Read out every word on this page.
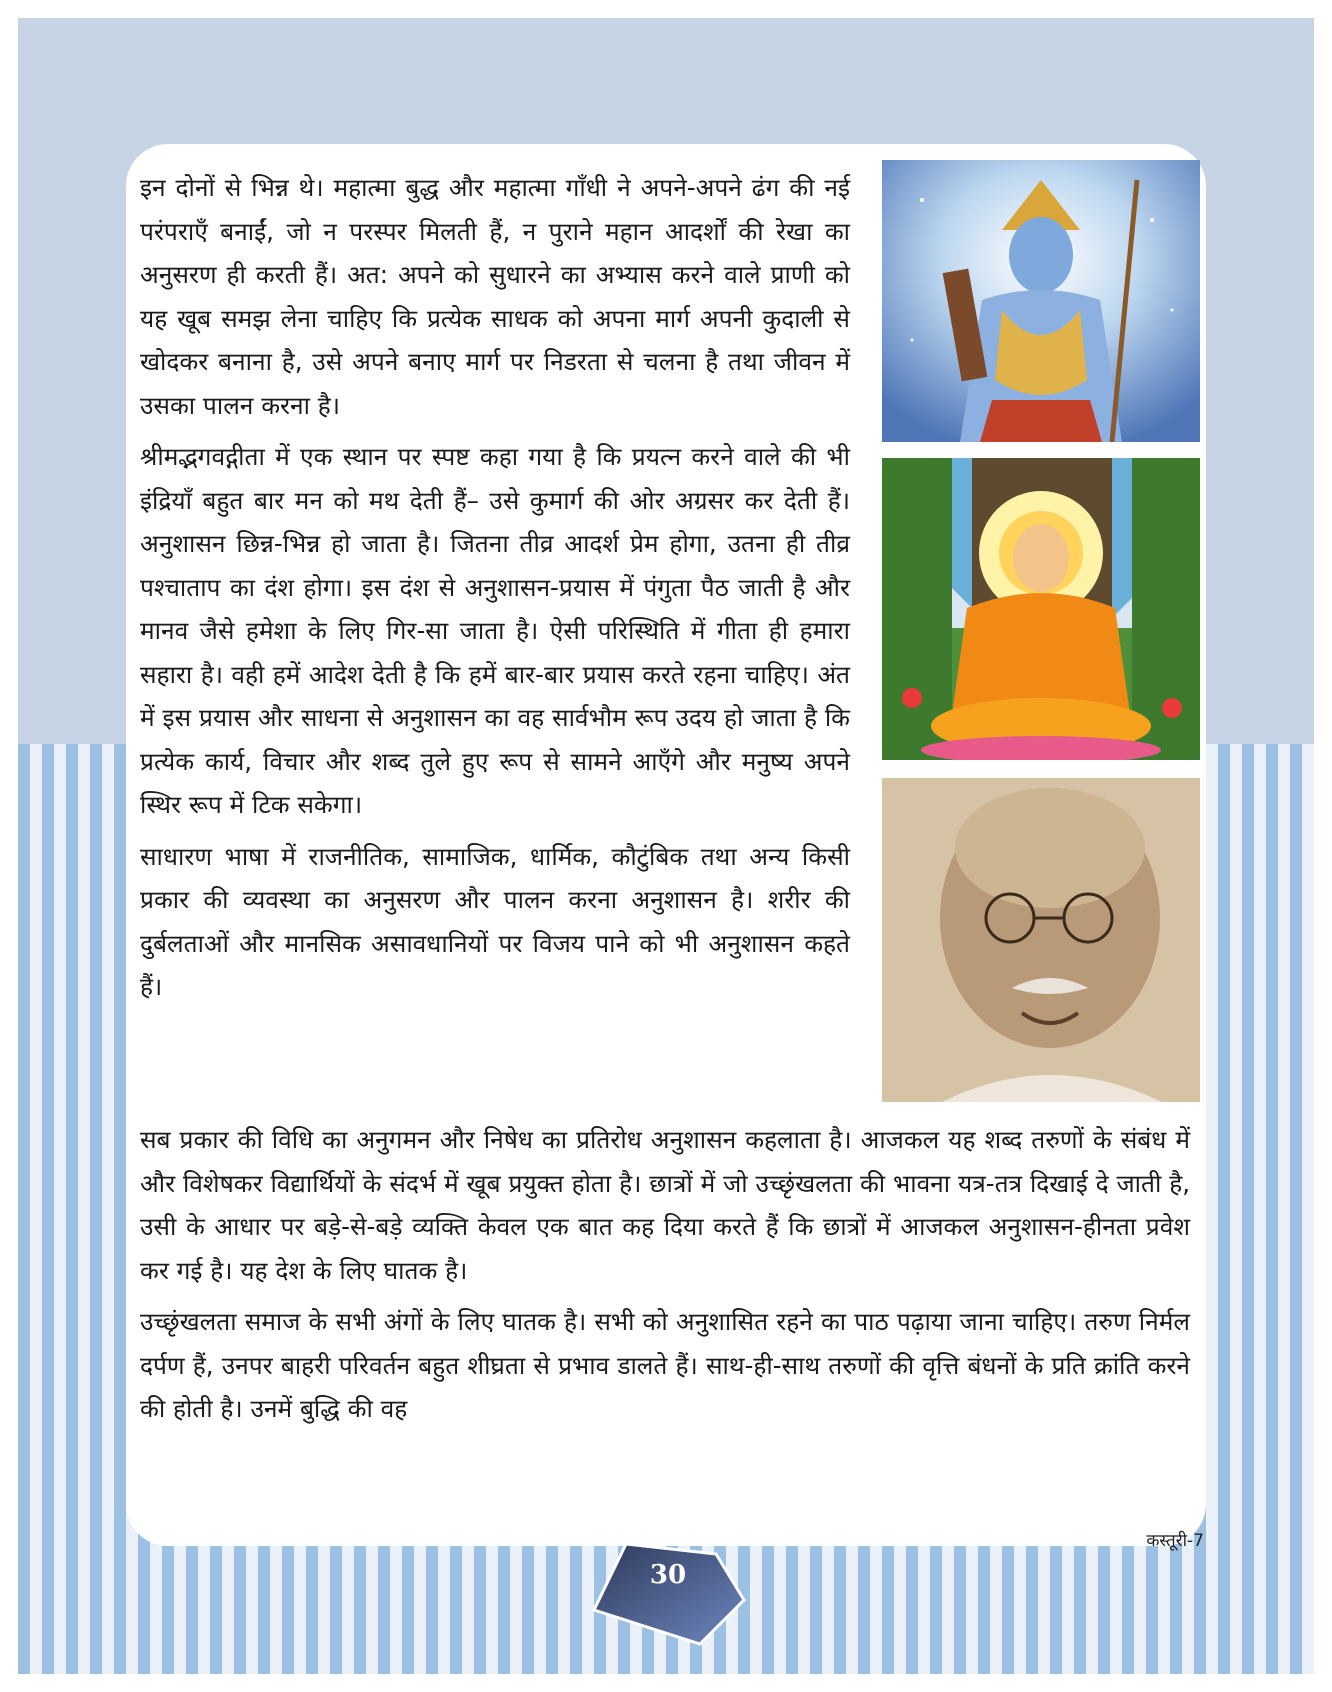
इन दोनों से भिन्न थे। महात्मा बुद्ध और महात्मा गाँधी ने अपने-अपने ढंग की नई परंपराएँ बनाईं, जो न परस्पर मिलती हैं, न पुराने महान आदर्शों की रेखा का अनुसरण ही करती हैं। अत: अपने को सुधारने का अभ्यास करने वाले प्राणी को यह खूब समझ लेना चाहिए कि प्रत्येक साधक को अपना मार्ग अपनी कुदाली से खोदकर बनाना है, उसे अपने बनाए मार्ग पर निडरता से चलना है तथा जीवन में उसका पालन करना है।

श्रीमद्भगवद्गीता में एक स्थान पर स्पष्ट कहा गया है कि प्रयत्न करने वाले की भी इंद्रियाँ बहुत बार मन को मथ देती हैं– उसे कुमार्ग की ओर अग्रसर कर देती हैं। अनुशासन छिन्न-भिन्न हो जाता है। जितना तीव्र आदर्श प्रेम होगा, उतना ही तीव्र पश्चाताप का दंश होगा। इस दंश से अनुशासन-प्रयास में पंगुता पैठ जाती है और मानव जैसे हमेशा के लिए गिर-सा जाता है। ऐसी परिस्थिति में गीता ही हमारा सहारा है। वही हमें आदेश देती है कि हमें बार-बार प्रयास करते रहना चाहिए। अंत में इस प्रयास और साधना से अनुशासन का वह सार्वभौम रूप उदय हो जाता है कि प्रत्येक कार्य, विचार और शब्द तुले हुए रूप से सामने आएँगे और मनुष्य अपने स्थिर रूप में टिक सकेगा।

साधारण भाषा में राजनीतिक, सामाजिक, धार्मिक, कौटुंबिक तथा अन्य किसी प्रकार की व्यवस्था का अनुसरण और पालन करना अनुशासन है। शरीर की दुर्बलताओं और मानसिक असावधानियों पर विजय पाने को भी अनुशासन कहते हैं।

सब प्रकार की विधि का अनुगमन और निषेध का प्रतिरोध अनुशासन कहलाता है। आजकल यह शब्द तरुणों के संबंध में और विशेषकर विद्यार्थियों के संदर्भ में खूब प्रयुक्त होता है। छात्रों में जो उच्छृंखलता की भावना यत्र-तत्र दिखाई दे जाती है, उसी के आधार पर बड़े-से-बड़े व्यक्ति केवल एक बात कह दिया करते हैं कि छात्रों में आजकल अनुशासन-हीनता प्रवेश कर गई है। यह देश के लिए घातक है।

उच्छृंखलता समाज के सभी अंगों के लिए घातक है। सभी को अनुशासित रहने का पाठ पढ़ाया जाना चाहिए। तरुण निर्मल दर्पण हैं, उनपर बाहरी परिवर्तन बहुत शीघ्रता से प्रभाव डालते हैं। साथ-ही-साथ तरुणों की वृत्ति बंधनों के प्रति क्रांति करने की होती है। उनमें बुद्धि की वह

30
कस्तूरी-7
